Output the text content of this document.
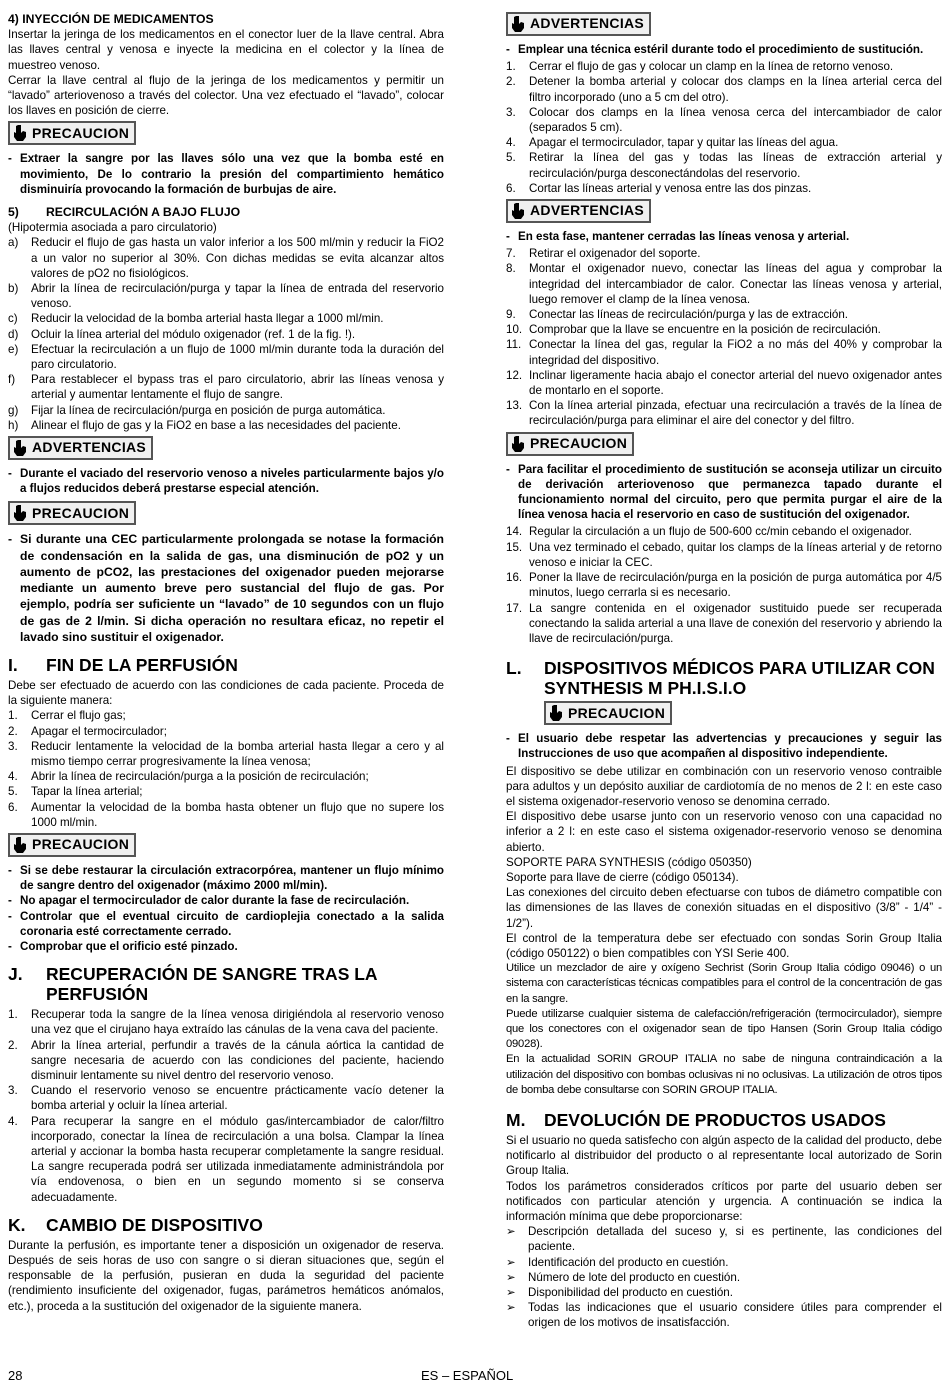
4) INYECCIÓN DE MEDICAMENTOS

Insertar la jeringa de los medicamentos en el conector luer de la llave central. Abra las llaves central y venosa e inyecte la medicina en el colector y la línea de muestreo venoso.

Cerrar la llave central al flujo de la jeringa de los medicamentos y permitir un “lavado” arteriovenoso a través del colector. Una vez efectuado el “lavado”, colocar los llaves en posición de cierre.

PRECAUCION
- Extraer la sangre por las llaves sólo una vez que la bomba esté en movimiento, De lo contrario la presión del compartimiento hemático disminuiría provocando la formación de burbujas de aire.

5)	RECIRCULACIÓN A BAJO FLUJO

(Hipotermia asociada a paro circulatorio)

a)	Reducir el flujo de gas hasta un valor inferior a los 500 ml/min y reducir la FiO2 a un valor no superior al 30%. Con dichas medidas se evita alcanzar altos valores de pO2 no fisiológicos.
b)	Abrir la línea de recirculación/purga y tapar la línea de entrada del reservorio venoso.
c)	Reducir la velocidad de la bomba arterial hasta llegar a 1000 ml/min.
d)	Ocluir la línea arterial del módulo oxigenador (ref. 1 de la fig. !).
e)	Efectuar la recirculación a un flujo de 1000 ml/min durante toda la duración del paro circulatorio.
f)	Para restablecer el bypass tras el paro circulatorio, abrir las líneas venosa y arterial y aumentar lentamente el flujo de sangre.
g)	Fijar la línea de recirculación/purga en posición de purga automática.
h)	Alinear el flujo de gas y la FiO2 en base a las necesidades del paciente.
ADVERTENCIAS
- Durante el vaciado del reservorio venoso a niveles particularmente bajos y/o a flujos reducidos deberá prestarse especial atención.
PRECAUCION
- Si durante una CEC particularmente prolongada se notase la formación de condensación en la salida de gas, una disminución de pO2 y un aumento de pCO2, las prestaciones del oxigenador pueden mejorarse mediante un aumento breve pero sustancial del flujo de gas. Por ejemplo, podría ser suficiente un “lavado” de 10 segundos con un flujo de gas de 2 l/min. Si dicha operación no resultara eficaz, no repetir el lavado sino sustituir el oxigenador.
I.	FIN DE LA PERFUSIÓN

Debe ser efectuado de acuerdo con las condiciones de cada paciente. Proceda de la siguiente manera:

1.	Cerrar el flujo gas;
2.	Apagar el termocirculador;
3.	Reducir lentamente la velocidad de la bomba arterial hasta llegar a cero y al mismo tiempo cerrar progresivamente la línea venosa;
4.	Abrir la línea de recirculación/purga a la posición de recirculación;
5.	Tapar la línea arterial;
6.	Aumentar la velocidad de la bomba hasta obtener un flujo que no supere los 1000 ml/min.
PRECAUCION
- Si se debe restaurar la circulación extracorpórea, mantener un flujo mínimo de sangre dentro del oxigenador (máximo 2000 ml/min).
- No apagar el termocirculador de calor durante la fase de recirculación.
- Controlar que el eventual circuito de cardioplejia conectado a la salida coronaria esté correctamente cerrado.
- Comprobar que el orificio esté pinzado.
J.	RECUPERACIÓN DE SANGRE TRAS LA PERFUSIÓN
1.	Recuperar toda la sangre de la línea venosa dirigiéndola al reservorio venoso una vez que el cirujano haya extraído las cánulas de la vena cava del paciente.
2.	Abrir la línea arterial, perfundir a través de la cánula aórtica la cantidad de sangre necesaria de acuerdo con las condiciones del paciente, haciendo disminuir lentamente su nivel dentro del reservorio venoso.
3.	Cuando el reservorio venoso se encuentre prácticamente vacío detener la bomba arterial y ocluir la línea arterial.
4.	Para recuperar la sangre en el módulo gas/intercambiador de calor/filtro incorporado, conectar la línea de recirculación a una bolsa. Clampar la línea arterial y accionar la bomba hasta recuperar completamente la sangre residual. La sangre recuperada podrá ser utilizada inmediatamente administrándola por vía endovenosa, o bien en un segundo momento si se conserva adecuadamente.
K.	CAMBIO DE DISPOSITIVO

Durante la perfusión, es importante tener a disposición un oxigenador de reserva. Después de seis horas de uso con sangre o si dieran situaciones que, según el responsable de la perfusión, pusieran en duda la seguridad del paciente (rendimiento insuficiente del oxigenador, fugas, parámetros hemáticos anómalos, etc.), proceda a la sustitución del oxigenador de la siguiente manera.

ADVERTENCIAS
- Emplear una técnica estéril durante todo el procedimiento de sustitución.
1.	Cerrar el flujo de gas y colocar un clamp en la línea de retorno venoso.
2.	Detener la bomba arterial y colocar dos clamps en la línea arterial cerca del filtro incorporado (uno a 5 cm del otro).
3.	Colocar dos clamps en la línea venosa cerca del intercambiador de calor (separados 5 cm).
4.	Apagar el termocirculador, tapar y quitar las líneas del agua.
5.	Retirar la línea del gas y todas las líneas de extracción arterial y recirculación/purga desconectándolas del reservorio.
6.	Cortar las líneas arterial y venosa entre las dos pinzas.
ADVERTENCIAS
- En esta fase, mantener cerradas las líneas venosa y arterial.
7.	Retirar el oxigenador del soporte.
8.	Montar el oxigenador nuevo, conectar las líneas del agua y comprobar la integridad del intercambiador de calor. Conectar las líneas venosa y arterial, luego remover el clamp de la línea venosa.
9.	Conectar las líneas de recirculación/purga y las de extracción.
10. Comprobar que la llave se encuentre en la posición de recirculación.
11. Conectar la línea del gas, regular la FiO2 a no más del 40% y comprobar la integridad del dispositivo.
12. Inclinar ligeramente hacia abajo el conector arterial del nuevo oxigenador antes de montarlo en el soporte.
13. Con la línea arterial pinzada, efectuar una recirculación a través de la línea de recirculación/purga para eliminar el aire del conector y del filtro.
PRECAUCION
- Para facilitar el procedimiento de sustitución se aconseja utilizar un circuito de derivación arteriovenoso que permanezca tapado durante el funcionamiento normal del circuito, pero que permita purgar el aire de la línea venosa hacia el reservorio en caso de sustitución del oxigenador.
14. Regular la circulación a un flujo de 500-600 cc/min cebando el oxigenador.
15. Una vez terminado el cebado, quitar los clamps de la líneas arterial y de retorno venoso e iniciar la CEC.
16. Poner la llave de recirculación/purga en la posición de purga automática por 4/5 minutos, luego cerrarla si es necesario.
17. La sangre contenida en el oxigenador sustituido puede ser recuperada conectando la salida arterial a una llave de conexión del reservorio y abriendo la llave de recirculación/purga.
L.	DISPOSITIVOS MÉDICOS PARA UTILIZAR CON SYNTHESIS M PH.I.S.I.O
PRECAUCION
- El usuario debe respetar las advertencias y precauciones y seguir las Instrucciones de uso que acompañen al dispositivo independiente.

El dispositivo se debe utilizar en combinación con un reservorio venoso contraible para adultos y un depósito auxiliar de cardiotomía de no menos de 2 l: en este caso el sistema oxigenador-reservorio venoso se denomina cerrado.

El dispositivo debe usarse junto con un reservorio venoso con una capacidad no inferior a 2 l: en este caso el sistema oxigenador-reservorio venoso se denomina abierto.

SOPORTE PARA SYNTHESIS (código 050350)

Soporte para llave de cierre (código 050134).

Las conexiones del circuito deben efectuarse con tubos de diámetro compatible con las dimensiones de las llaves de conexión situadas en el dispositivo (3/8” - 1/4” - 1/2”).

El control de la temperatura debe ser efectuado con sondas Sorin Group Italia (código 050122) o bien compatibles con YSI Serie 400.

Utilice un mezclador de aire y oxígeno Sechrist (Sorin Group Italia código 09046) o un sistema con características técnicas compatibles para el control de la concentración de gas en la sangre.

Puede utilizarse cualquier sistema de calefacción/refrigeración (termocirculador), siempre que los conectores con el oxigenador sean de tipo Hansen (Sorin Group Italia código 09028).

En la actualidad SORIN GROUP ITALIA no sabe de ninguna contraindicación a la utilización del dispositivo con bombas oclusivas ni no oclusivas. La utilización de otros tipos de bomba debe consultarse con SORIN GROUP ITALIA.

M.	DEVOLUCIÓN DE PRODUCTOS USADOS

Si el usuario no queda satisfecho con algún aspecto de la calidad del producto, debe notificarlo al distribuidor del producto o al representante local autorizado de Sorin Group Italia.

Todos los parámetros considerados críticos por parte del usuario deben ser notificados con particular atención y urgencia. A continuación se indica la información mínima que debe proporcionarse:

➢	Descripción detallada del suceso y, si es pertinente, las condiciones del paciente.
➢	Identificación del producto en cuestión.
➢	Número de lote del producto en cuestión.
➢	Disponibilidad del producto en cuestión.
➢	Todas las indicaciones que el usuario considere útiles para comprender el origen de los motivos de insatisfacción.
28	ES – ESPAÑOL
